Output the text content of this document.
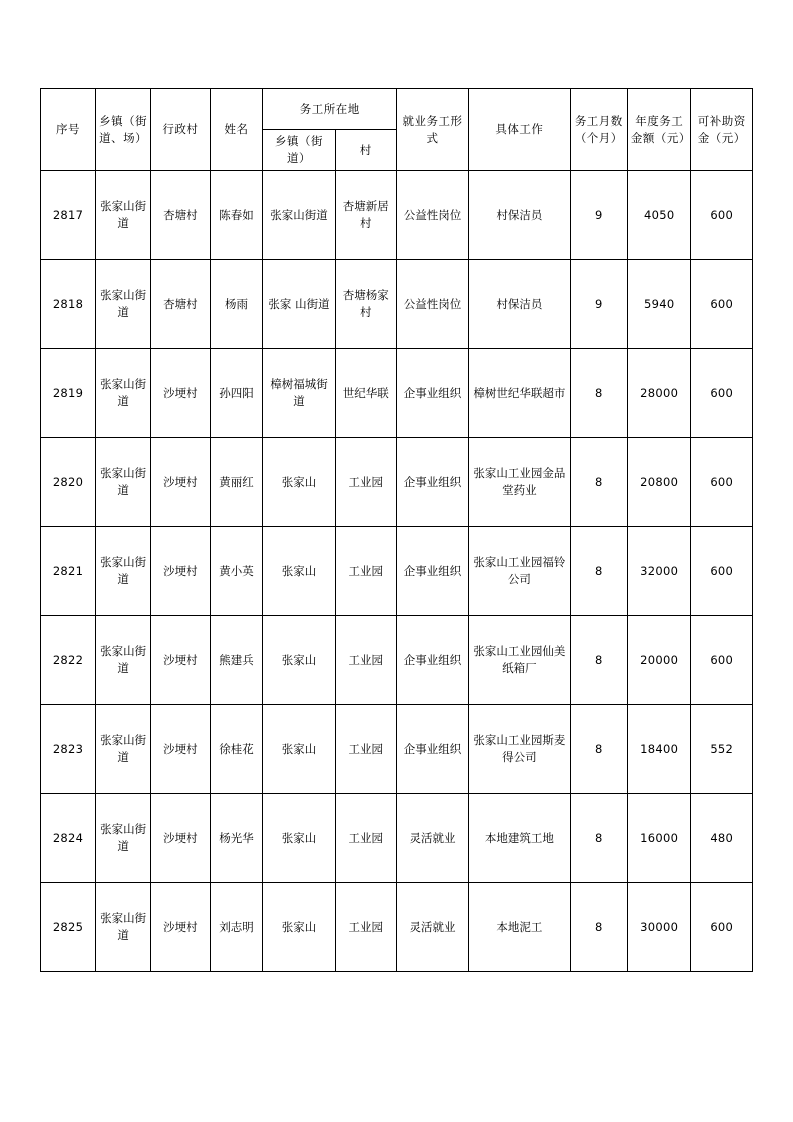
序号	乡镇（街道、场）	行政村	姓名	务工所在地		就业务工形式	具体工作	务工月数（个月）	年度务工金额（元）	可补助资金（元）
				乡镇（街道）	村					
2817	张家山街道	杏塘村	陈春如	张家山街道	杏塘新居村	公益性岗位	村保洁员	9	4050	600
2818	张家山街道	杏塘村	杨雨	张家 山街道	杏塘杨家村	公益性岗位	村保洁员	9	5940	600
2819	张家山街道	沙埂村	孙四阳	樟树福城街道	世纪华联	企事业组织	樟树世纪华联超市	8	28000	600
2820	张家山街道	沙埂村	黄丽红	张家山	工业园	企事业组织	张家山工业园金品堂药业	8	20800	600
2821	张家山街道	沙埂村	黄小英	张家山	工业园	企事业组织	张家山工业园福铃公司	8	32000	600
2822	张家山街道	沙埂村	熊建兵	张家山	工业园	企事业组织	张家山工业园仙美纸箱厂	8	20000	600
2823	张家山街道	沙埂村	徐桂花	张家山	工业园	企事业组织	张家山工业园斯麦得公司	8	18400	552
2824	张家山街道	沙埂村	杨光华	张家山	工业园	灵活就业	本地建筑工地	8	16000	480
2825	张家山街道	沙埂村	刘志明	张家山	工业园	灵活就业	本地泥工	8	30000	600
